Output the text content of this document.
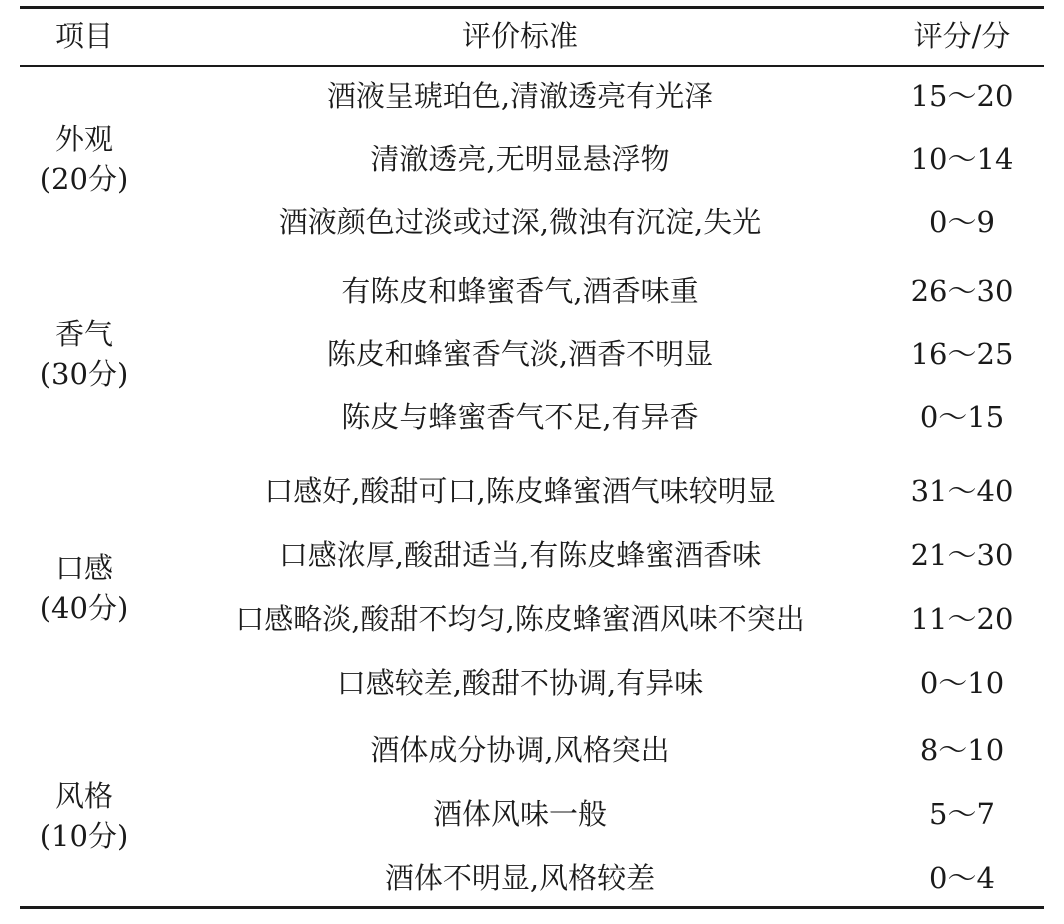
项目	评价标准	评分/分
外观
(20分)
酒液呈琥珀色,清澈透亮有光泽	15～20
清澈透亮,无明显悬浮物	10～14
酒液颜色过淡或过深,微浊有沉淀,失光	0～9
香气
(30分)
有陈皮和蜂蜜香气,酒香味重	26～30
陈皮和蜂蜜香气淡,酒香不明显	16～25
陈皮与蜂蜜香气不足,有异香	0～15
口感
(40分)
口感好,酸甜可口,陈皮蜂蜜酒气味较明显	31～40
口感浓厚,酸甜适当,有陈皮蜂蜜酒香味	21～30
口感略淡,酸甜不均匀,陈皮蜂蜜酒风味不突出	11～20
口感较差,酸甜不协调,有异味	0～10
风格
(10分)
酒体成分协调,风格突出	8～10
酒体风味一般	5～7
酒体不明显,风格较差	0～4
